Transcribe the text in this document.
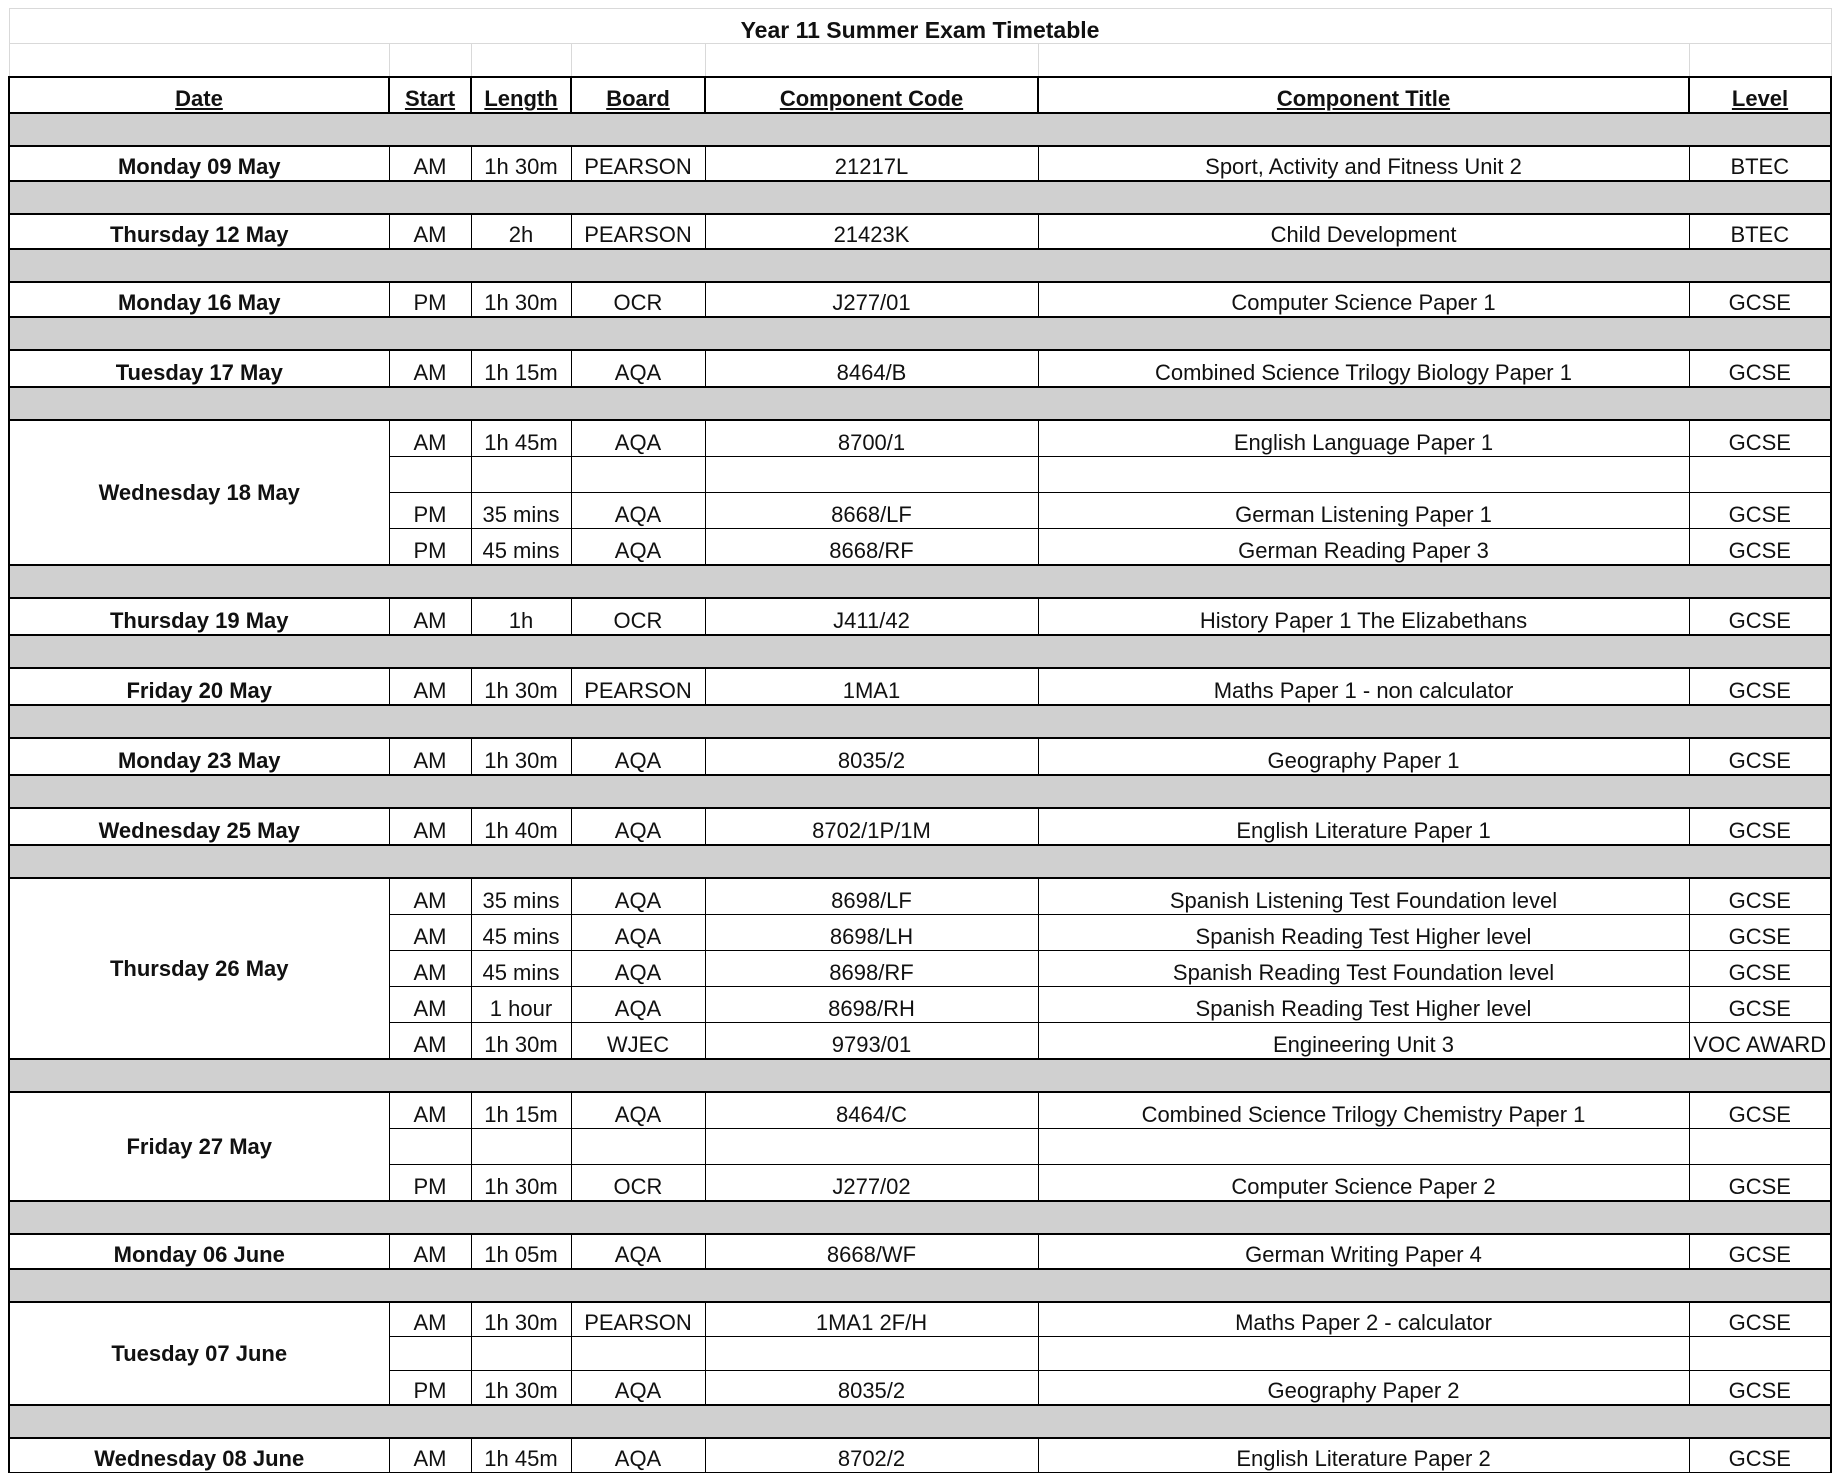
Year 11 Summer Exam Timetable						

Date	Start	Length	Board	Component Code	Component Title	Level

Monday 09 May	AM	1h 30m	PEARSON	21217L	Sport, Activity and Fitness Unit 2	BTEC

Thursday 12 May	AM	2h	PEARSON	21423K	Child Development	BTEC

Monday 16 May	PM	1h 30m	OCR	J277/01	Computer Science Paper 1	GCSE

Tuesday 17 May	AM	1h 15m	AQA	8464/B	Combined Science Trilogy Biology Paper 1	GCSE

Wednesday 18 May	AM	1h 45m	AQA	8700/1	English Language Paper 1	GCSE

	PM	35 mins	AQA	8668/LF	German Listening Paper 1	GCSE
	PM	45 mins	AQA	8668/RF	German Reading Paper 3	GCSE

Thursday 19 May	AM	1h	OCR	J411/42	History Paper 1 The Elizabethans	GCSE

Friday 20 May	AM	1h 30m	PEARSON	1MA1	Maths Paper 1 - non calculator	GCSE

Monday 23 May	AM	1h 30m	AQA	8035/2	Geography Paper 1	GCSE

Wednesday 25 May	AM	1h 40m	AQA	8702/1P/1M	English Literature Paper 1	GCSE

Thursday 26 May	AM	35 mins	AQA	8698/LF	Spanish Listening Test Foundation level	GCSE
	AM	45 mins	AQA	8698/LH	Spanish Reading Test Higher level	GCSE
	AM	45 mins	AQA	8698/RF	Spanish Reading Test Foundation level	GCSE
	AM	1 hour	AQA	8698/RH	Spanish Reading Test Higher level	GCSE
	AM	1h 30m	WJEC	9793/01	Engineering Unit 3	VOC AWARD

Friday 27 May	AM	1h 15m	AQA	8464/C	Combined Science Trilogy Chemistry Paper 1	GCSE

	PM	1h 30m	OCR	J277/02	Computer Science Paper 2	GCSE

Monday 06 June	AM	1h 05m	AQA	8668/WF	German Writing Paper 4	GCSE

Tuesday 07 June	AM	1h 30m	PEARSON	1MA1 2F/H	Maths Paper 2 - calculator	GCSE

	PM	1h 30m	AQA	8035/2	Geography Paper 2	GCSE

Wednesday 08 June	AM	1h 45m	AQA	8702/2	English Literature Paper 2	GCSE
